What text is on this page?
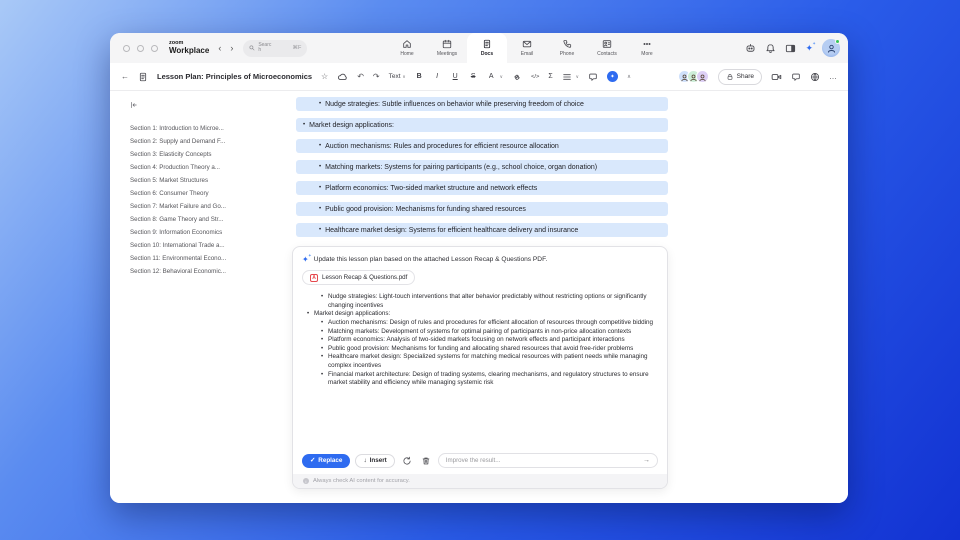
zoom
Workplace ‹ ›	Search	⌘F
Home	Meetings	Docs	Email	Phone	Contacts	More
✦ ✦
←	Lesson Plan: Principles of Microeconomics ☆	↶ ↷ Text ∨ B	I	U	S	A	∨	</> Σ	∨	✦	∧	Share	…
Section 1: Introduction to Microe...
Section 2: Supply and Demand F...
Section 3: Elasticity Concepts
Section 4: Production Theory a...
Section 5: Market Structures
Section 6: Consumer Theory
Section 7: Market Failure and Go...
Section 8: Game Theory and Str...
Section 9: Information Economics
Section 10: International Trade a...
Section 11: Environmental Econo...
Section 12: Behavioral Economic...
• Nudge strategies: Subtle influences on behavior while preserving freedom of choice
• Market design applications:
• Auction mechanisms: Rules and procedures for efficient resource allocation
• Matching markets: Systems for pairing participants (e.g., school choice, organ donation)
• Platform economics: Two-sided market structure and network effects
• Public good provision: Mechanisms for funding shared resources
• Healthcare market design: Systems for efficient healthcare delivery and insurance
✦ ✦
Update this lesson plan based on the attached Lesson Recap & Questions PDF.
A Lesson Recap & Questions.pdf
• Nudge strategies: Light-touch interventions that alter behavior predictably without restricting options or significantly changing incentives
• Market design applications:
• Auction mechanisms: Design of rules and procedures for efficient allocation of resources through competitive bidding
• Matching markets: Development of systems for optimal pairing of participants in non-price allocation contexts
• Platform economics: Analysis of two-sided markets focusing on network effects and participant interactions
• Public good provision: Mechanisms for funding and allocating shared resources that avoid free-rider problems
• Healthcare market design: Specialized systems for matching medical resources with patient needs while managing complex incentives
• Financial market architecture: Design of trading systems, clearing mechanisms, and regulatory structures to ensure market stability and efficiency while managing systemic risk
✓ Replace	↓ Insert
Improve the result...	→
i	Always check AI content for accuracy.
